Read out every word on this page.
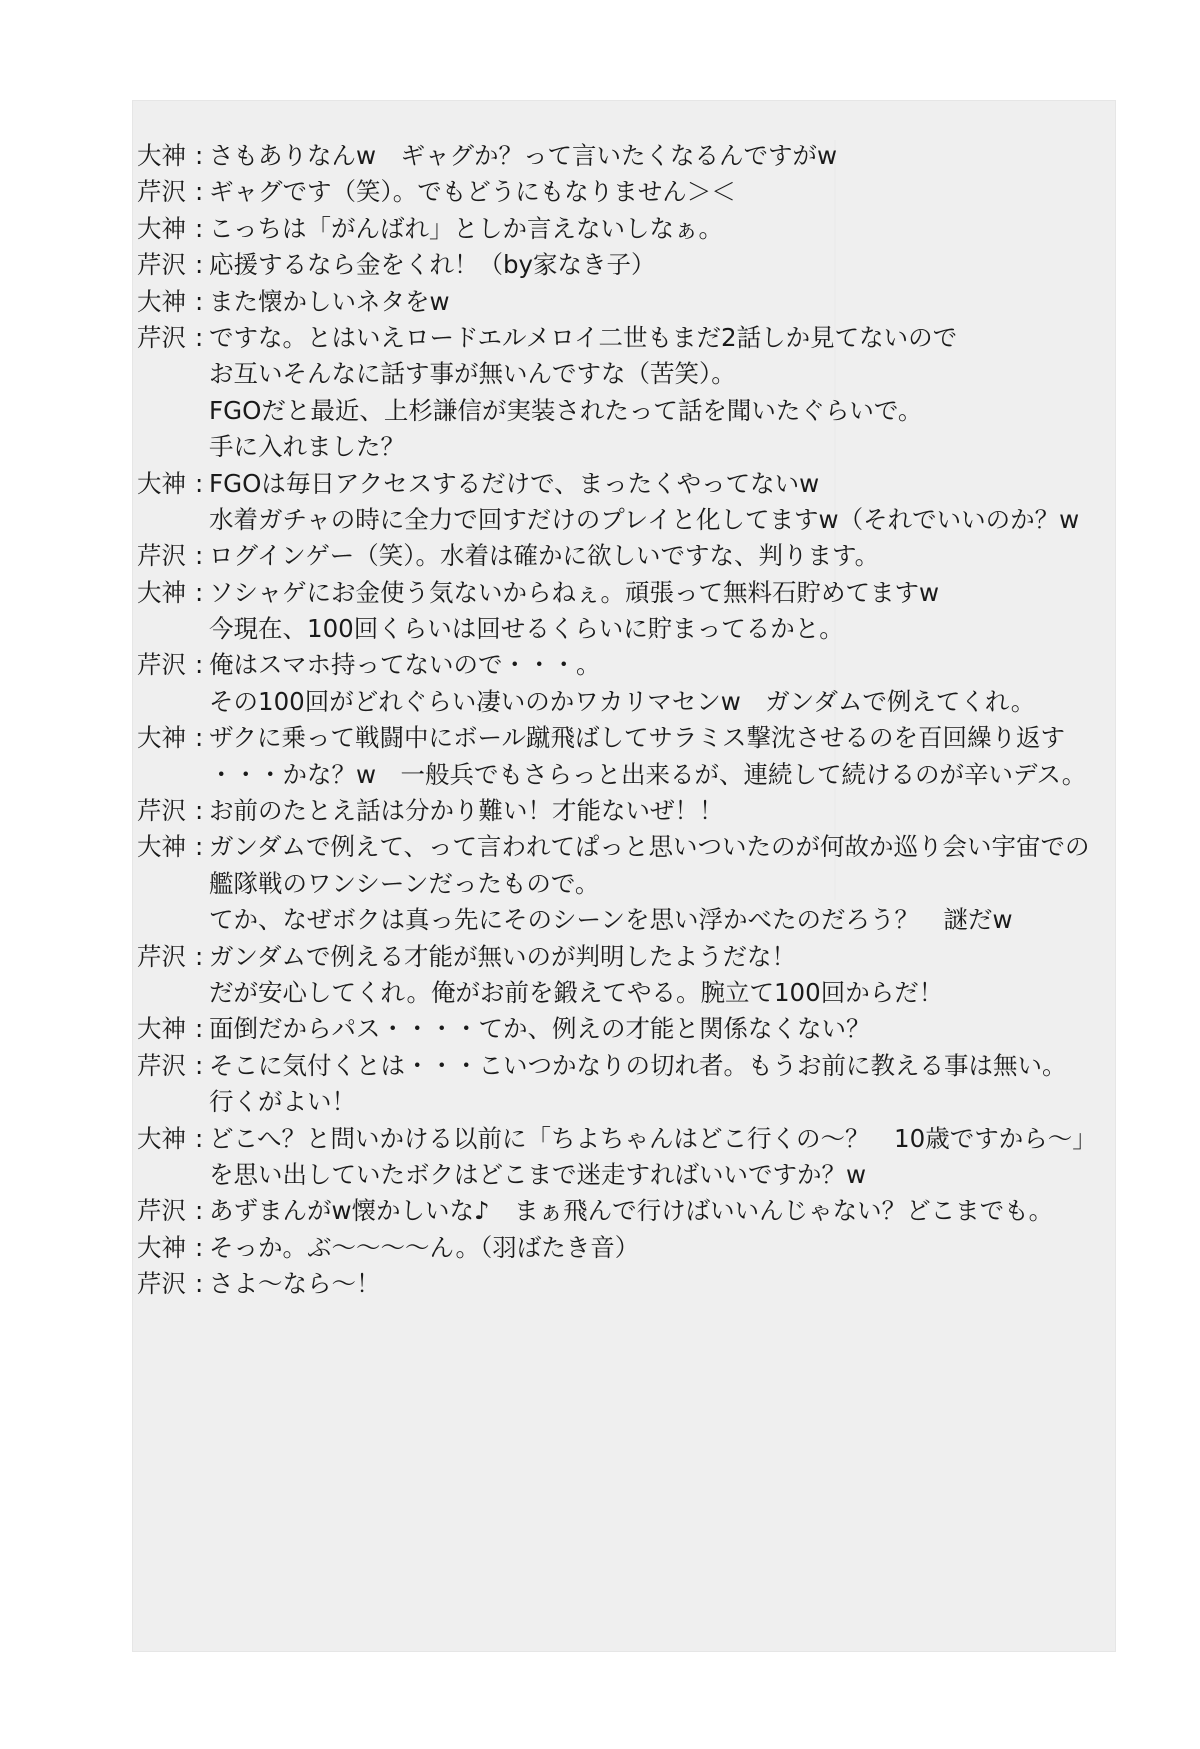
大神 : さもありなんw　ギャグか？って言いたくなるんですがw
芹沢 : ギャグです（笑）。でもどうにもなりません＞＜
大神 : こっちは「がんばれ」としか言えないしなぁ。
芹沢 : 応援するなら金をくれ！（by家なき子）
大神 : また懐かしいネタをw
芹沢 : ですな。とはいえロードエルメロイ二世もまだ2話しか見てないので
お互いそんなに話す事が無いんですな（苦笑）。
FGOだと最近、上杉謙信が実装されたって話を聞いたぐらいで。
手に入れました？
大神 : FGOは毎日アクセスするだけで、まったくやってないw
水着ガチャの時に全力で回すだけのプレイと化してますw（それでいいのか？w
芹沢 : ログインゲー（笑）。水着は確かに欲しいですな、判ります。
大神 : ソシャゲにお金使う気ないからねぇ。頑張って無料石貯めてますw
今現在、100回くらいは回せるくらいに貯まってるかと。
芹沢 : 俺はスマホ持ってないので・・・。
その100回がどれぐらい凄いのかワカリマセンw　ガンダムで例えてくれ。
大神 : ザクに乗って戦闘中にボール蹴飛ばしてサラミス撃沈させるのを百回繰り返す
・・・かな？w　一般兵でもさらっと出来るが、連続して続けるのが辛いデス。
芹沢 : お前のたとえ話は分かり難い！才能ないぜ！！
大神 : ガンダムで例えて、って言われてぱっと思いついたのが何故か巡り会い宇宙での
艦隊戦のワンシーンだったもので。
てか、なぜボクは真っ先にそのシーンを思い浮かべたのだろう？　謎だw
芹沢 : ガンダムで例える才能が無いのが判明したようだな！
だが安心してくれ。俺がお前を鍛えてやる。腕立て100回からだ！
大神 : 面倒だからパス・・・・てか、例えの才能と関係なくない？
芹沢 : そこに気付くとは・・・こいつかなりの切れ者。もうお前に教える事は無い。
行くがよい！
大神 : どこへ？と問いかける以前に「ちよちゃんはどこ行くの～？　10歳ですから～」
を思い出していたボクはどこまで迷走すればいいですか？w
芹沢 : あずまんがw懐かしいな♪　まぁ飛んで行けばいいんじゃない？どこまでも。
大神 : そっか。ぶ～～～～ん。（羽ばたき音）
芹沢 : さよ～なら～！
